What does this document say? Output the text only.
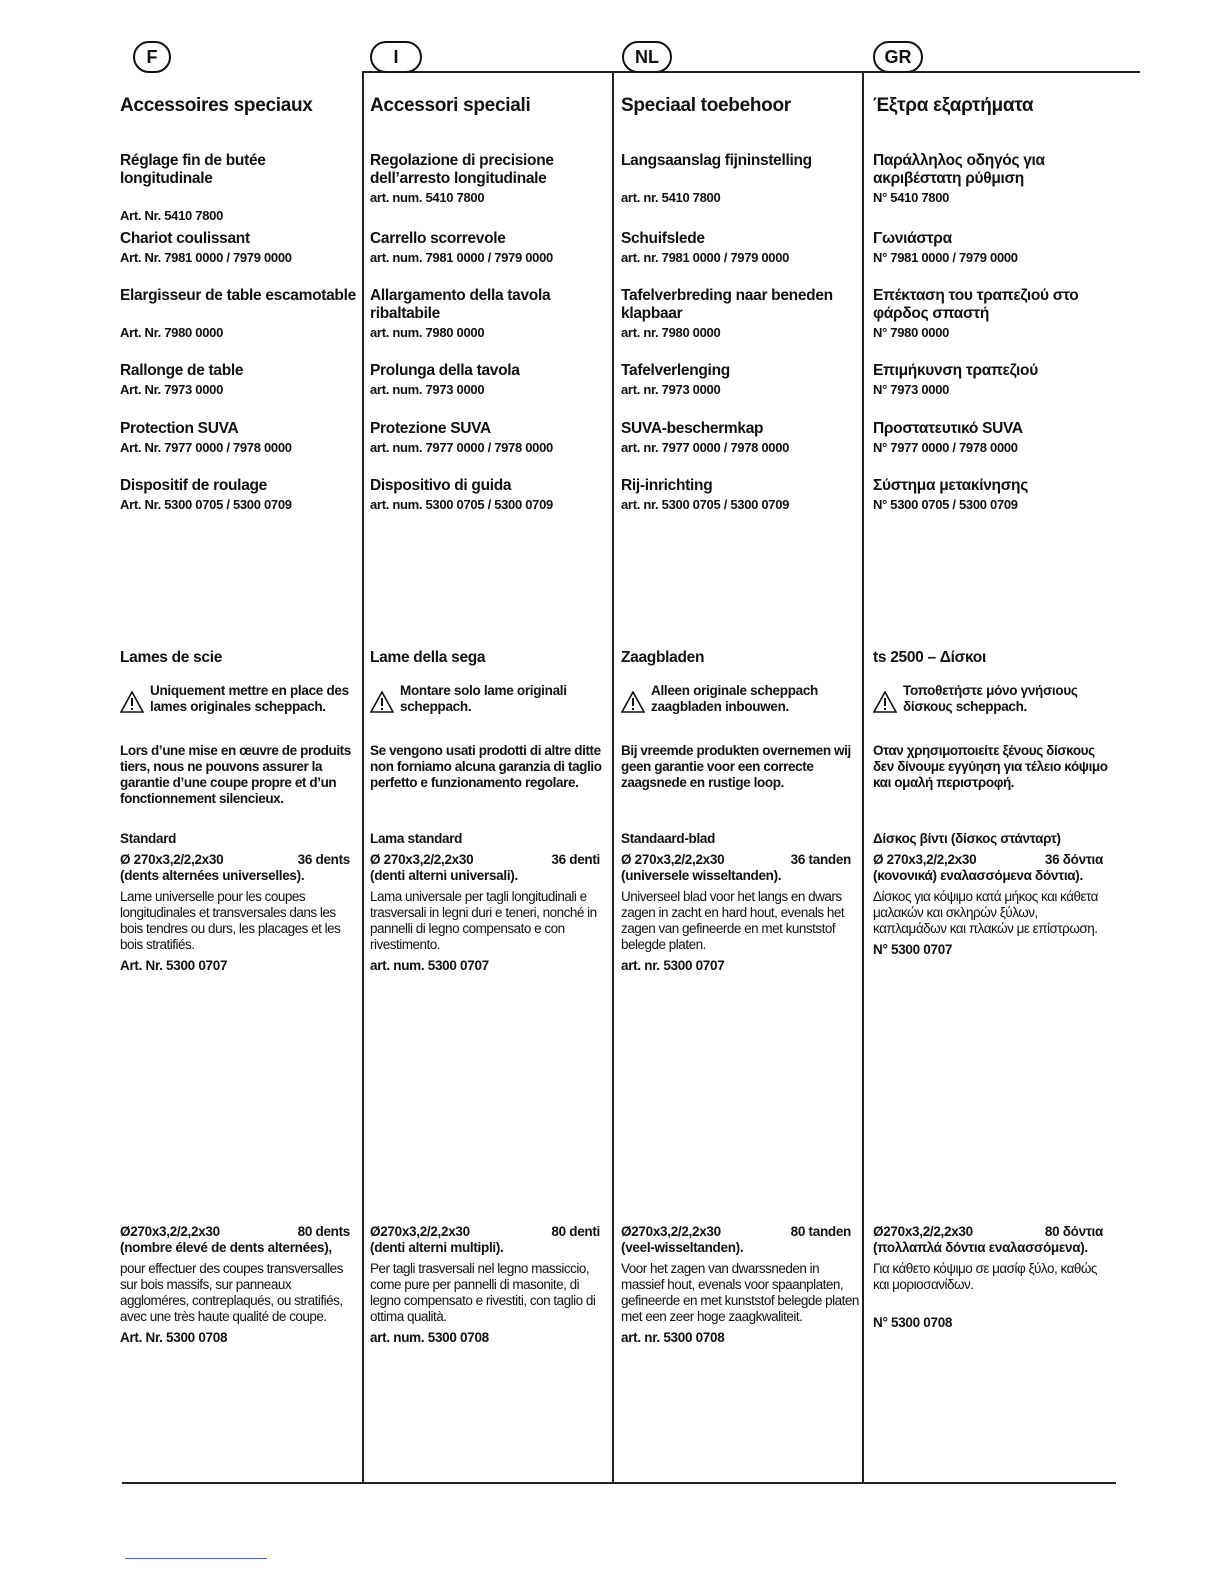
F	I	NL	GR
Accessoires speciaux
Réglage fin de butée longitudinale
Art. Nr. 5410 7800
Chariot coulissant
Art. Nr. 7981 0000 / 7979 0000
Elargisseur de table escamotable
Art. Nr. 7980 0000
Rallonge de table
Art. Nr. 7973 0000
Protection SUVA
Art. Nr. 7977 0000 / 7978 0000
Dispositif de roulage
Art. Nr. 5300 0705 / 5300 0709
Lames de scie
Uniquement mettre en place des lames originales scheppach.
Lors d’une mise en œuvre de produits tiers, nous ne pouvons assurer la garantie d’une coupe propre et d’un fonctionnement silencieux.
Standard
Ø 270x3,2/2,2x30	36 dents
(dents alternées universelles).
Lame universelle pour les coupes longitudinales et transversales dans les bois tendres ou durs, les placages et les bois stratifiés.
Art. Nr. 5300 0707
Ø270x3,2/2,2x30	80 dents
(nombre élevé de dents alternées),
pour effectuer des coupes transversalles sur bois massifs, sur panneaux aggloméres, contreplaqués, ou stratifiés, avec une très haute qualité de coupe.
Art. Nr. 5300 0708
Accessori speciali
Regolazione di precisione dell’arresto longitudinale
art. num. 5410 7800
Carrello scorrevole
art. num. 7981 0000 / 7979 0000
Allargamento della tavola ribaltabile
art. num. 7980 0000
Prolunga della tavola
art. num. 7973 0000
Protezione SUVA
art. num. 7977 0000 / 7978 0000
Dispositivo di guida
art. num. 5300 0705 / 5300 0709
Lame della sega
Montare solo lame originali scheppach.
Se vengono usati prodotti di altre ditte non forniamo alcuna garanzia di taglio perfetto e funzionamento regolare.
Lama standard
Ø 270x3,2/2,2x30	36 denti
(denti alterni universali).
Lama universale per tagli longitudinali e trasversali in legni duri e teneri, nonché in pannelli di legno compensato e con rivestimento.
art. num. 5300 0707
Ø270x3,2/2,2x30	80 denti
(denti alterni multipli).
Per tagli trasversali nel legno massiccio, come pure per pannelli di masonite, di legno compensato e rivestiti, con taglio di ottima qualità.
art. num. 5300 0708
Speciaal toebehoor
Langsaanslag fijninstelling
art. nr. 5410 7800
Schuifslede
art. nr. 7981 0000 / 7979 0000
Tafelverbreding naar beneden klapbaar
art. nr. 7980 0000
Tafelverlenging
art. nr. 7973 0000
SUVA-beschermkap
art. nr. 7977 0000 / 7978 0000
Rij-inrichting
art. nr. 5300 0705 / 5300 0709
Zaagbladen
Alleen originale scheppach zaagbladen inbouwen.
Bij vreemde produkten overnemen wij geen garantie voor een correcte zaagsnede en rustige loop.
Standaard-blad
Ø 270x3,2/2,2x30	36 tanden
(universele wisseltanden).
Universeel blad voor het langs en dwars zagen in zacht en hard hout, evenals het zagen van gefineerde en met kunststof belegde platen.
art. nr. 5300 0707
Ø270x3,2/2,2x30	80 tanden
(veel-wisseltanden).
Voor het zagen van dwarssneden in massief hout, evenals voor spaanplaten, gefineerde en met kunststof belegde platen met een zeer hoge zaagkwaliteit.
art. nr. 5300 0708
Έξτρα εξαρτήματα
Παράλληλος οδηγός για ακριβέστατη ρύθμιση
N° 5410 7800
Γωνιάστρα
N° 7981 0000 / 7979 0000
Επέκταση του τραπεζιού στο φάρδος σπαστή
N° 7980 0000
Επιμήκυνση τραπεζιού
N° 7973 0000
Προστατευτικό SUVA
N° 7977 0000 / 7978 0000
Σύστημα μετακίνησης
N° 5300 0705 / 5300 0709
ts 2500 – Δίσκοι
Τοποθετήστε μόνο γνήσιους δίσκους scheppach.
Οταν χρησιμοποιείτε ξένους δίσκους δεν δίνουμε εγγύηση για τέλειο κόψιμο και ομαλή περιστροφή.
Δίσκος βίντι (δίσκος στάνταρτ)
Ø 270x3,2/2,2x30	36 δόντια
(κονονικά) εναλασσόμενα δόντια).
Δίσκος για κόψιμο κατά μήκος και κάθετα μαλακών και σκληρών ξύλων, καπλαμάδων και πλακών με επίστρωση.
N° 5300 0707
Ø270x3,2/2,2x30	80 δόντια
(πολλαπλά δόντια εναλασσόμενα).
Για κάθετο κόψιμο σε μασίφ ξύλο, καθώς και μοριοσανίδων.
N° 5300 0708
